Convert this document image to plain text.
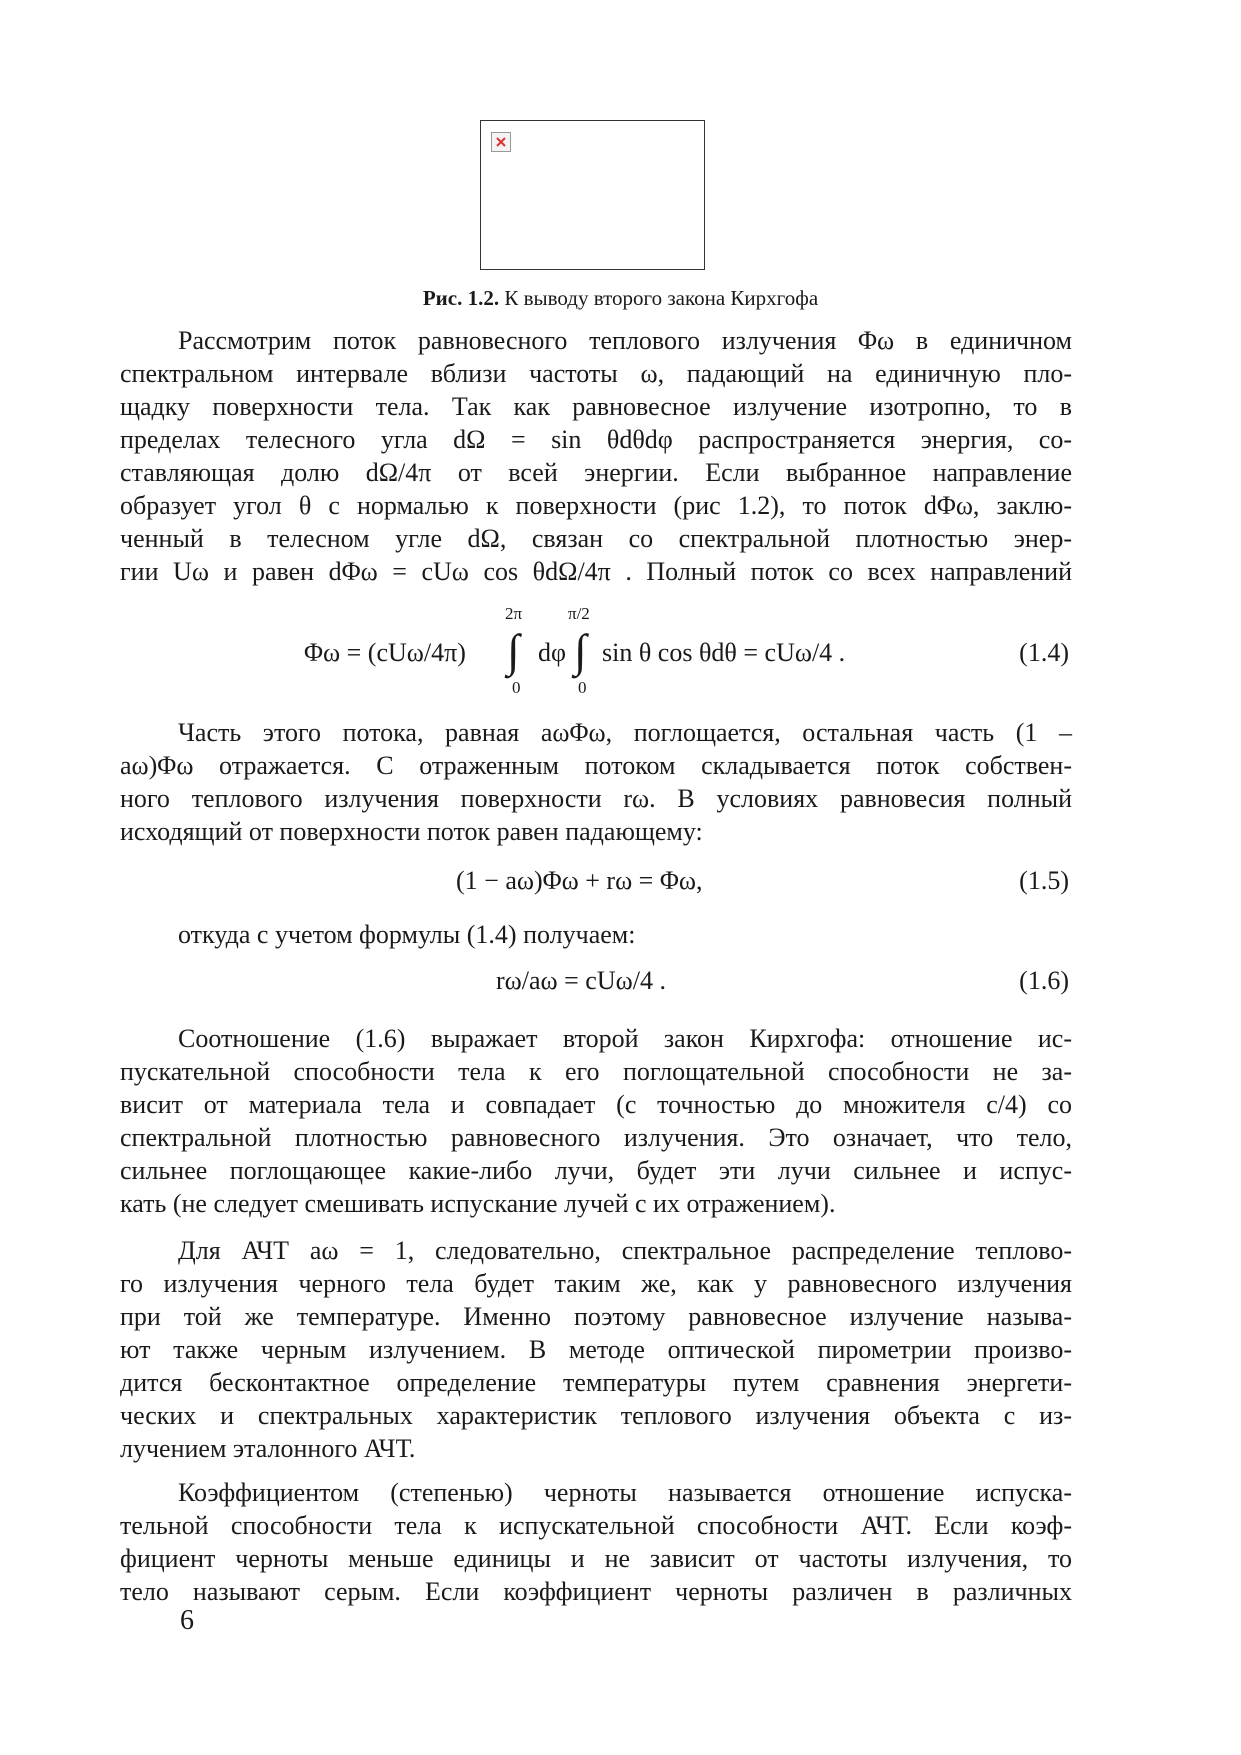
Рис. 1.2. К выводу второго закона Кирхгофа
Рассмотрим поток равновесного теплового излучения Φω в единичном
спектральном интервале вблизи частоты ω, падающий на единичную пло-
щадку поверхности тела. Так как равновесное излучение изотропно, то в
пределах телесного угла dΩ = sin θdθdφ распространяется энергия, со-
ставляющая долю dΩ/4π от всей энергии. Если выбранное направление
образует угол θ с нормалью к поверхности (рис 1.2), то поток dΦω, заклю-
ченный в телесном угле dΩ, связан со спектральной плотностью энер-
гии Uω и равен dΦω = cUω cos θdΩ/4π . Полный поток со всех направлений
Φω = (cUω/4π)
2π
∫
0
dφ
π/2
∫
0
sin θ cos θdθ = cUω/4 .	(1.4)
Часть этого потока, равная aωΦω, поглощается, остальная часть (1 –
aω)Φω отражается. С отраженным потоком складывается поток собствен-
ного теплового излучения поверхности rω. В условиях равновесия полный
исходящий от поверхности поток равен падающему:
(1 − aω)Φω + rω = Φω,	(1.5)
откуда с учетом формулы (1.4) получаем:
rω/aω = cUω/4 .	(1.6)
Соотношение (1.6) выражает второй закон Кирхгофа: отношение ис-
пускательной способности тела к его поглощательной способности не за-
висит от материала тела и совпадает (с точностью до множителя c/4) со
спектральной плотностью равновесного излучения. Это означает, что тело,
сильнее поглощающее какие-либо лучи, будет эти лучи сильнее и испус-
кать (не следует смешивать испускание лучей с их отражением).
Для АЧТ aω = 1, следовательно, спектральное распределение теплово-
го излучения черного тела будет таким же, как у равновесного излучения
при той же температуре. Именно поэтому равновесное излучение называ-
ют также черным излучением. В методе оптической пирометрии произво-
дится бесконтактное определение температуры путем сравнения энергети-
ческих и спектральных характеристик теплового излучения объекта с из-
лучением эталонного АЧТ.
Коэффициентом (степенью) черноты называется отношение испуска-
тельной способности тела к испускательной способности АЧТ. Если коэф-
фициент черноты меньше единицы и не зависит от частоты излучения, то
тело называют серым. Если коэффициент черноты различен в различных
6
